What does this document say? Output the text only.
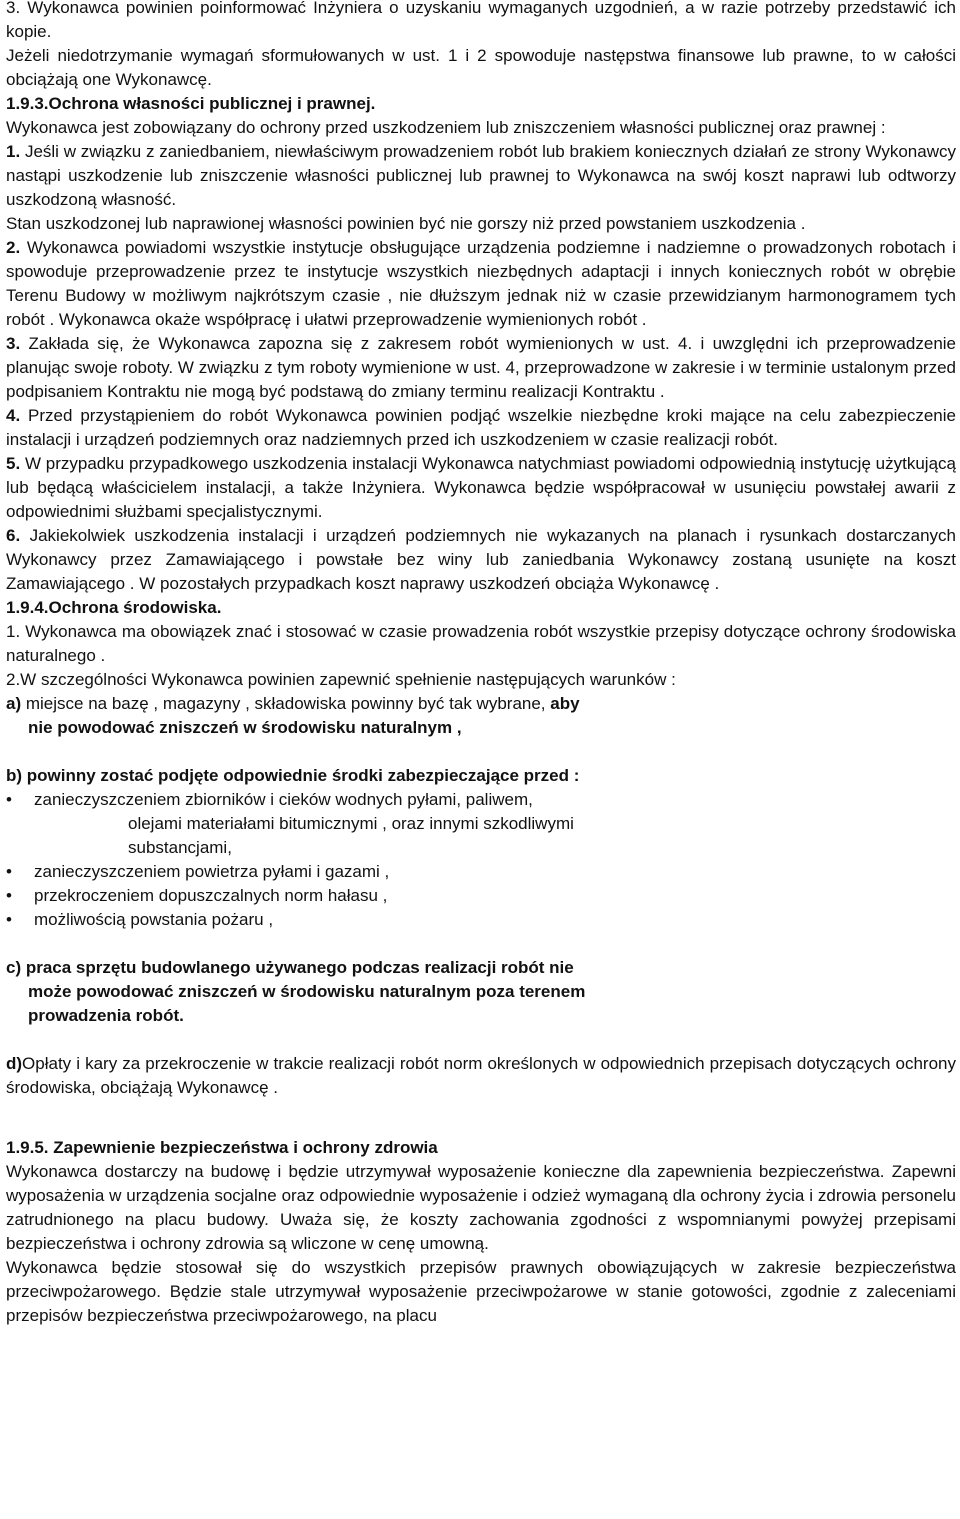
3. Wykonawca powinien poinformować Inżyniera o uzyskaniu wymaganych uzgodnień, a w razie potrzeby przedstawić ich kopie.

Jeżeli niedotrzymanie wymagań sformułowanych w ust. 1 i 2 spowoduje następstwa finansowe lub prawne, to w całości obciążają one Wykonawcę.

1.9.3.Ochrona własności publicznej i prawnej.

Wykonawca jest zobowiązany do ochrony przed uszkodzeniem lub zniszczeniem własności publicznej oraz prawnej :

1. Jeśli w związku z zaniedbaniem, niewłaściwym prowadzeniem robót lub brakiem koniecznych działań ze strony Wykonawcy nastąpi uszkodzenie lub zniszczenie własności publicznej lub prawnej to Wykonawca na swój koszt naprawi lub odtworzy uszkodzoną własność.

Stan uszkodzonej lub naprawionej własności powinien być nie gorszy niż przed powstaniem uszkodzenia .

2. Wykonawca powiadomi wszystkie instytucje obsługujące urządzenia podziemne i nadziemne o prowadzonych robotach i spowoduje przeprowadzenie przez te instytucje wszystkich niezbędnych adaptacji i innych koniecznych robót w obrębie Terenu Budowy w możliwym najkrótszym czasie , nie dłuższym jednak niż w czasie przewidzianym harmonogramem tych robót . Wykonawca okaże współpracę i ułatwi przeprowadzenie wymienionych robót .

3. Zakłada się, że Wykonawca zapozna się z zakresem robót wymienionych w ust. 4. i uwzględni ich przeprowadzenie planując swoje roboty. W związku z tym roboty wymienione w ust. 4, przeprowadzone w zakresie i w terminie ustalonym przed podpisaniem Kontraktu nie mogą być podstawą do zmiany terminu realizacji Kontraktu .

4. Przed przystąpieniem do robót Wykonawca powinien podjąć wszelkie niezbędne kroki mające na celu zabezpieczenie instalacji i urządzeń podziemnych oraz nadziemnych przed ich uszkodzeniem w czasie realizacji robót.

5. W przypadku przypadkowego uszkodzenia instalacji Wykonawca natychmiast powiadomi odpowiednią instytucję użytkującą lub będącą właścicielem instalacji, a także Inżyniera. Wykonawca będzie współpracował w usunięciu powstałej awarii z odpowiednimi służbami specjalistycznymi.

6. Jakiekolwiek uszkodzenia instalacji i urządzeń podziemnych nie wykazanych na planach i rysunkach dostarczanych Wykonawcy przez Zamawiającego i powstałe bez winy lub zaniedbania Wykonawcy zostaną usunięte na koszt Zamawiającego . W pozostałych przypadkach koszt naprawy uszkodzeń obciąża Wykonawcę .

1.9.4.Ochrona środowiska.

1. Wykonawca ma obowiązek znać i stosować w czasie prowadzenia robót wszystkie przepisy dotyczące ochrony środowiska naturalnego .

2.W szczególności Wykonawca powinien zapewnić spełnienie następujących warunków :

a) miejsce na bazę , magazyny , składowiska powinny być tak wybrane, aby

nie powodować zniszczeń w środowisku naturalnym ,

b) powinny zostać podjęte odpowiednie środki zabezpieczające przed :

• zanieczyszczeniem zbiorników i cieków wodnych pyłami, paliwem,

olejami materiałami bitumicznymi , oraz innymi szkodliwymi

substancjami,

• zanieczyszczeniem powietrza pyłami i gazami ,
• przekroczeniem dopuszczalnych norm hałasu ,
• możliwością powstania pożaru ,

c) praca sprzętu budowlanego używanego podczas realizacji robót nie

może powodować zniszczeń w środowisku naturalnym poza terenem

prowadzenia robót.

d)Opłaty i kary za przekroczenie w trakcie realizacji robót norm określonych w odpowiednich przepisach dotyczących ochrony środowiska, obciążają Wykonawcę .

1.9.5. Zapewnienie bezpieczeństwa i ochrony zdrowia

Wykonawca dostarczy na budowę i będzie utrzymywał wyposażenie konieczne dla zapewnienia bezpieczeństwa. Zapewni wyposażenia w urządzenia socjalne oraz odpowiednie wyposażenie i odzież wymaganą dla ochrony życia i zdrowia personelu zatrudnionego na placu budowy. Uważa się, że koszty zachowania zgodności z wspomnianymi powyżej przepisami bezpieczeństwa i ochrony zdrowia są wliczone w cenę umowną.

Wykonawca będzie stosował się do wszystkich przepisów prawnych obowiązujących w zakresie bezpieczeństwa przeciwpożarowego. Będzie stale utrzymywał wyposażenie przeciwpożarowe w stanie gotowości, zgodnie z zaleceniami przepisów bezpieczeństwa przeciwpożarowego, na placu
